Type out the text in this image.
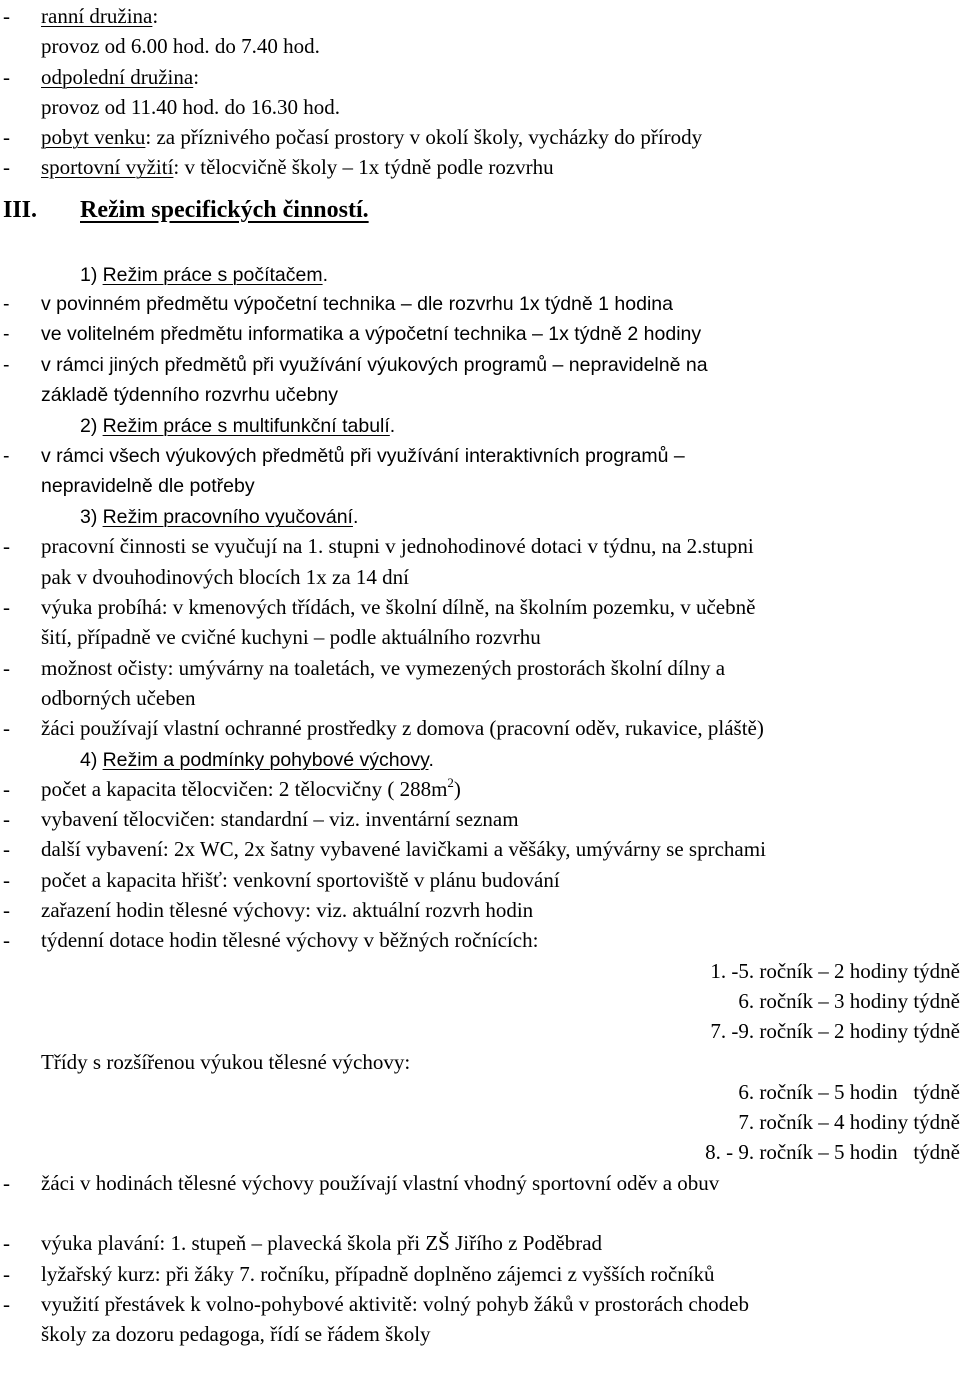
- ranní družina:
provoz od 6.00 hod. do 7.40 hod.
- odpolední družina:
provoz od 11.40 hod. do 16.30 hod.
- pobyt venku: za příznivého počasí prostory v okolí školy, vycházky do přírody
- sportovní vyžití: v tělocvičně školy – 1x týdně podle rozvrhu
III. Režim specifických činností.
1) Režim práce s počítačem.
- v povinném předmětu výpočetní technika – dle rozvrhu 1x týdně 1 hodina
- ve volitelném předmětu informatika a výpočetní technika – 1x týdně 2 hodiny
- v rámci jiných předmětů při využívání výukových programů – nepravidelně na
základě týdenního rozvrhu učebny
2) Režim práce s multifunkční tabulí.
- v rámci všech výukových předmětů při využívání interaktivních programů –
nepravidelně dle potřeby
3) Režim pracovního vyučování.
- pracovní činnosti se vyučují na 1. stupni v jednohodinové dotaci v týdnu, na 2.stupni
pak v dvouhodinových blocích 1x za 14 dní
- výuka probíhá: v kmenových třídách, ve školní dílně, na školním pozemku, v učebně
šití, případně ve cvičné kuchyni – podle aktuálního rozvrhu
- možnost očisty: umývárny na toaletách, ve vymezených prostorách školní dílny a
odborných učeben
- žáci používají vlastní ochranné prostředky z domova (pracovní oděv, rukavice, pláště)
4) Režim a podmínky pohybové výchovy.
- počet a kapacita tělocvičen: 2 tělocvičny ( $288m^2$)
- vybavení tělocvičen: standardní – viz. inventární seznam
- další vybavení: 2x WC, 2x šatny vybavené lavičkami a věšáky, umývárny se sprchami
- počet a kapacita hřišť: venkovní sportoviště v plánu budování
- zařazení hodin tělesné výchovy: viz. aktuální rozvrh hodin
- týdenní dotace hodin tělesné výchovy v běžných ročnících:
1. -5. ročník – 2 hodiny týdně
6. ročník – 3 hodiny týdně
7. -9. ročník – 2 hodiny týdně
Třídy s rozšířenou výukou tělesné výchovy:
6. ročník – 5 hodin   týdně
7. ročník – 4 hodiny týdně
8. - 9. ročník – 5 hodin   týdně
- žáci v hodinách tělesné výchovy používají vlastní vhodný sportovní oděv a obuv
- výuka plavání: 1. stupeň – plavecká škola při ZŠ Jiřího z Poděbrad
- lyžařský kurz: při žáky 7. ročníku, případně doplněno zájemci z vyšších ročníků
- využití přestávek k volno-pohybové aktivitě: volný pohyb žáků v prostorách chodeb
školy za dozoru pedagoga, řídí se řádem školy
